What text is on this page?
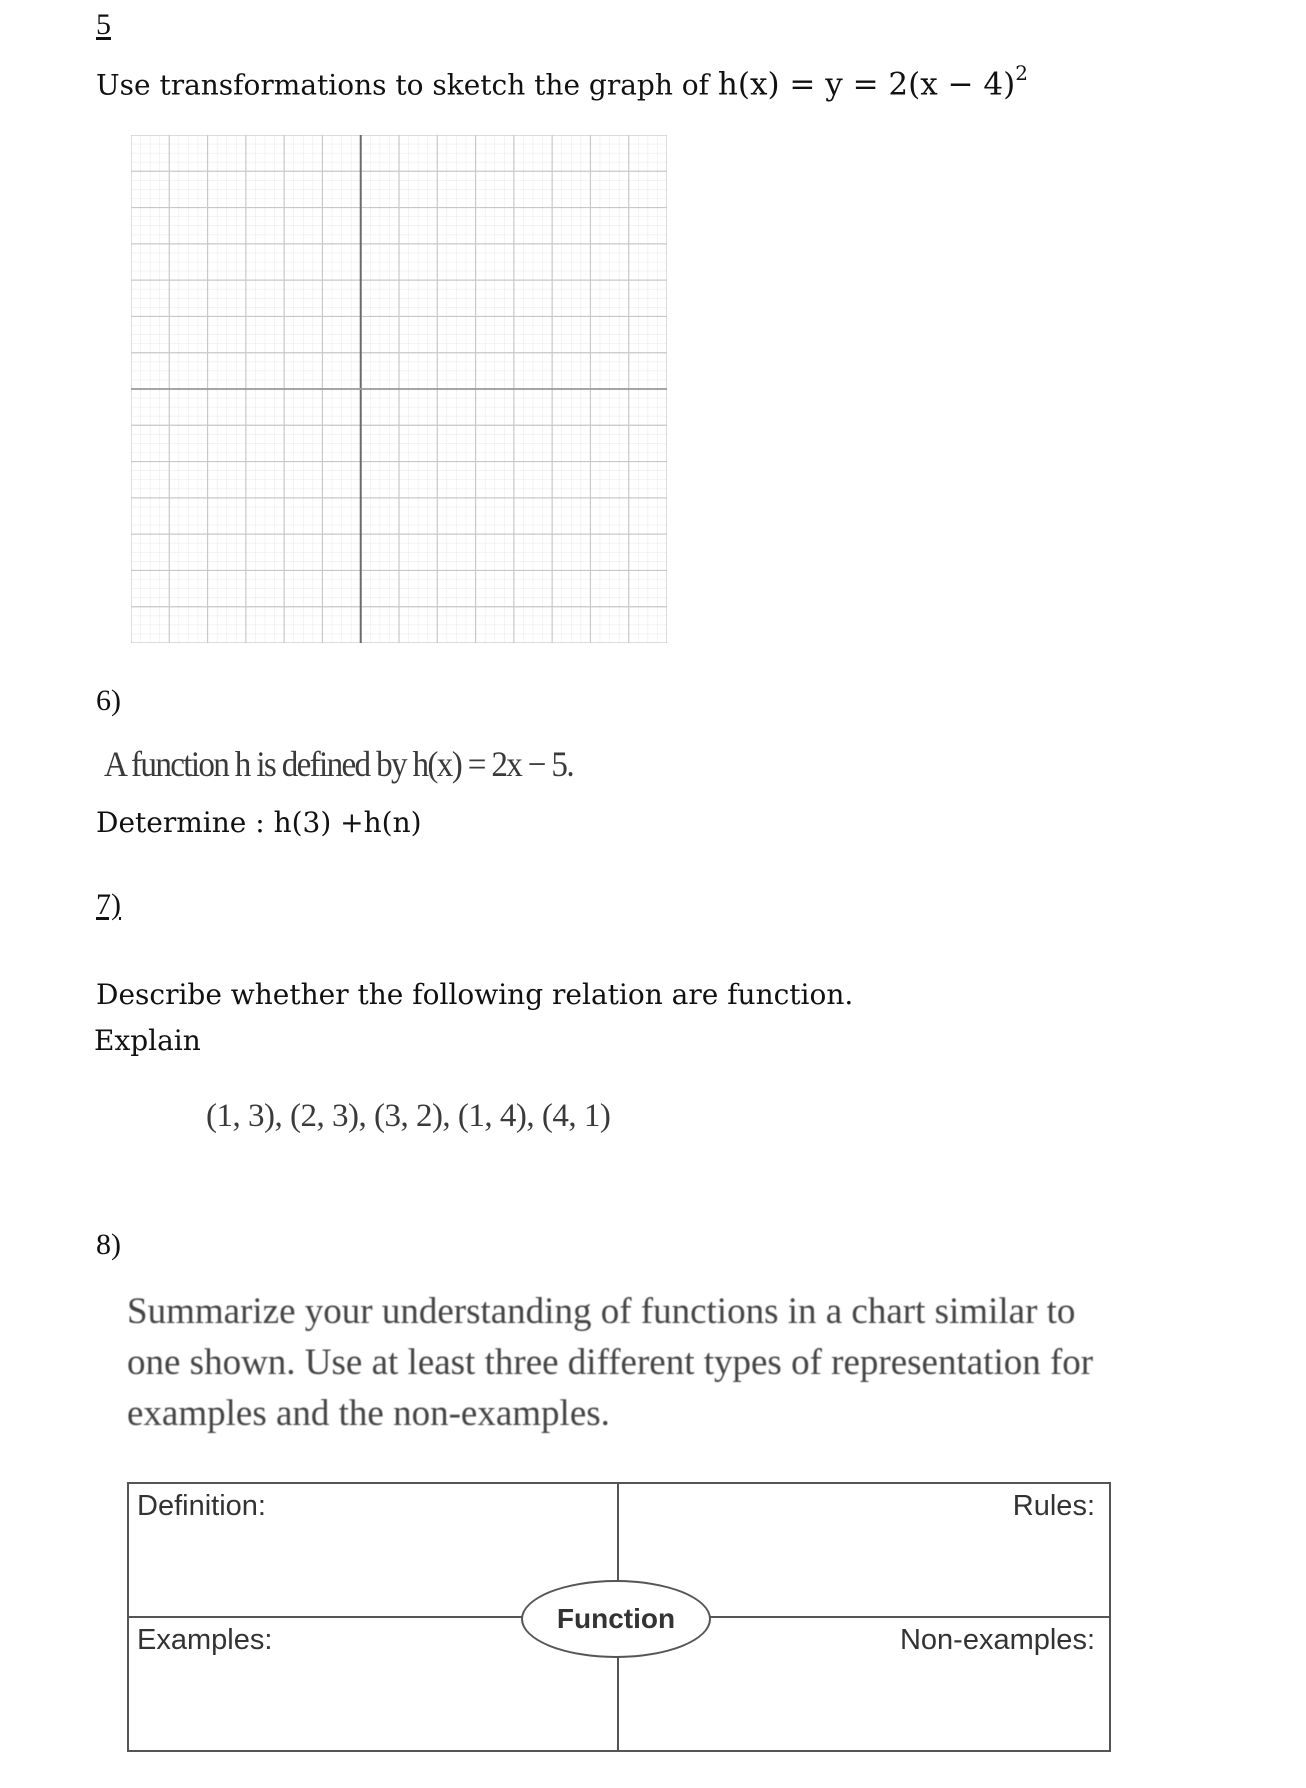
5
Use transformations to sketch the graph of $h(x) = y = 2(x - 4)^2$
6)
A function h is defined by h(x) = 2x − 5.
Determine : h(3) +h(n)
7)
Describe whether the following relation are function.
Explain
(1, 3), (2, 3), (3, 2), (1, 4), (4, 1)
8)
Summarize your understanding of functions in a chart similar to
one shown. Use at least three different types of representation for
examples and the non-examples.
Definition:	Rules:
Examples:	Non-examples:
Function
